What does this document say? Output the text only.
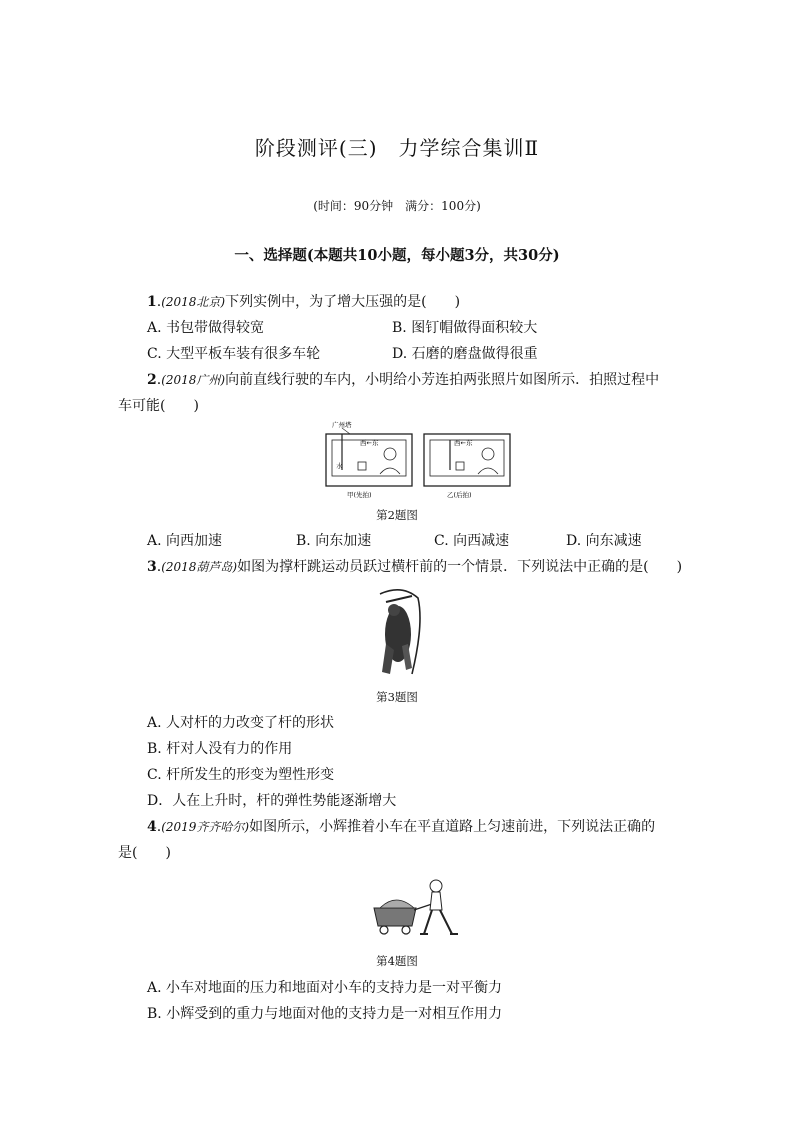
阶段测评(三)　力学综合集训Ⅱ
(时间：90分钟　满分：100分)
一、选择题(本题共10小题，每小题3分，共30分)
1.(2018北京)下列实例中，为了增大压强的是(　　)
A. 书包带做得较宽	B. 图钉帽做得面积较大
C. 大型平板车装有很多车轮	D. 石磨的磨盘做得很重
2.(2018广州)向前直线行驶的车内，小明给小芳连拍两张照片如图所示．拍照过程中
车可能(　　)
广州塔
西←东
水
甲(先拍)
西←东
乙(后拍)
第2题图
A. 向西加速	B. 向东加速	C. 向西减速	D. 向东减速
3.(2018葫芦岛)如图为撑杆跳运动员跃过横杆前的一个情景．下列说法中正确的是(　　)
第3题图
A. 人对杆的力改变了杆的形状
B. 杆对人没有力的作用
C. 杆所发生的形变为塑性形变
D．人在上升时，杆的弹性势能逐渐增大
4.(2019齐齐哈尔)如图所示，小辉推着小车在平直道路上匀速前进，下列说法正确的
是(　　)
第4题图
A. 小车对地面的压力和地面对小车的支持力是一对平衡力
B. 小辉受到的重力与地面对他的支持力是一对相互作用力
